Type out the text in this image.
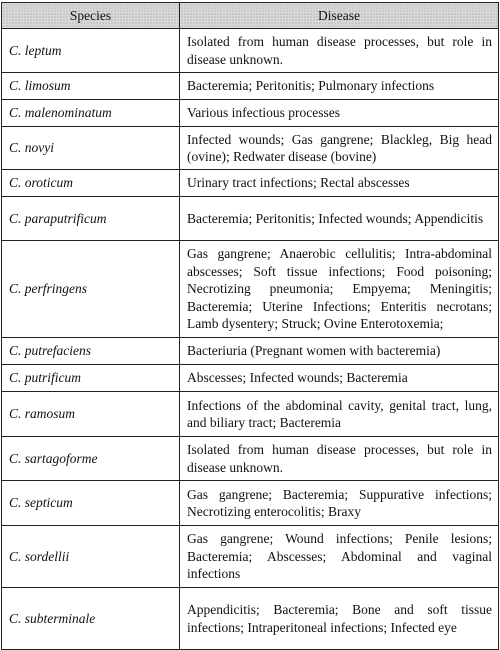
Species	Disease
C. leptum	Isolated from human disease processes, but role in disease unknown.
C. limosum	Bacteremia; Peritonitis; Pulmonary infections
C. malenominatum	Various infectious processes
C. novyi	Infected wounds; Gas gangrene; Blackleg, Big head (ovine); Redwater disease (bovine)
C. oroticum	Urinary tract infections; Rectal abscesses
C. paraputrificum	Bacteremia; Peritonitis; Infected wounds; Appendicitis
C. perfringens	Gas gangrene; Anaerobic cellulitis; Intra-abdominal abscesses; Soft tissue infections; Food poisoning; Necrotizing pneumonia; Empyema; Meningitis; Bacteremia; Uterine Infections; Enteritis necrotans; Lamb dysentery; Struck; Ovine Enterotoxemia;
C. putrefaciens	Bacteriuria (Pregnant women with bacteremia)
C. putrificum	Abscesses; Infected wounds; Bacteremia
C. ramosum	Infections of the abdominal cavity, genital tract, lung, and biliary tract; Bacteremia
C. sartagoforme	Isolated from human disease processes, but role in disease unknown.
C. septicum	Gas gangrene; Bacteremia; Suppurative infections; Necrotizing enterocolitis; Braxy
C. sordellii	Gas gangrene; Wound infections; Penile lesions; Bacteremia; Abscesses; Abdominal and vaginal infections
C. subterminale	Appendicitis; Bacteremia; Bone and soft tissue infections; Intraperitoneal infections; Infected eye
